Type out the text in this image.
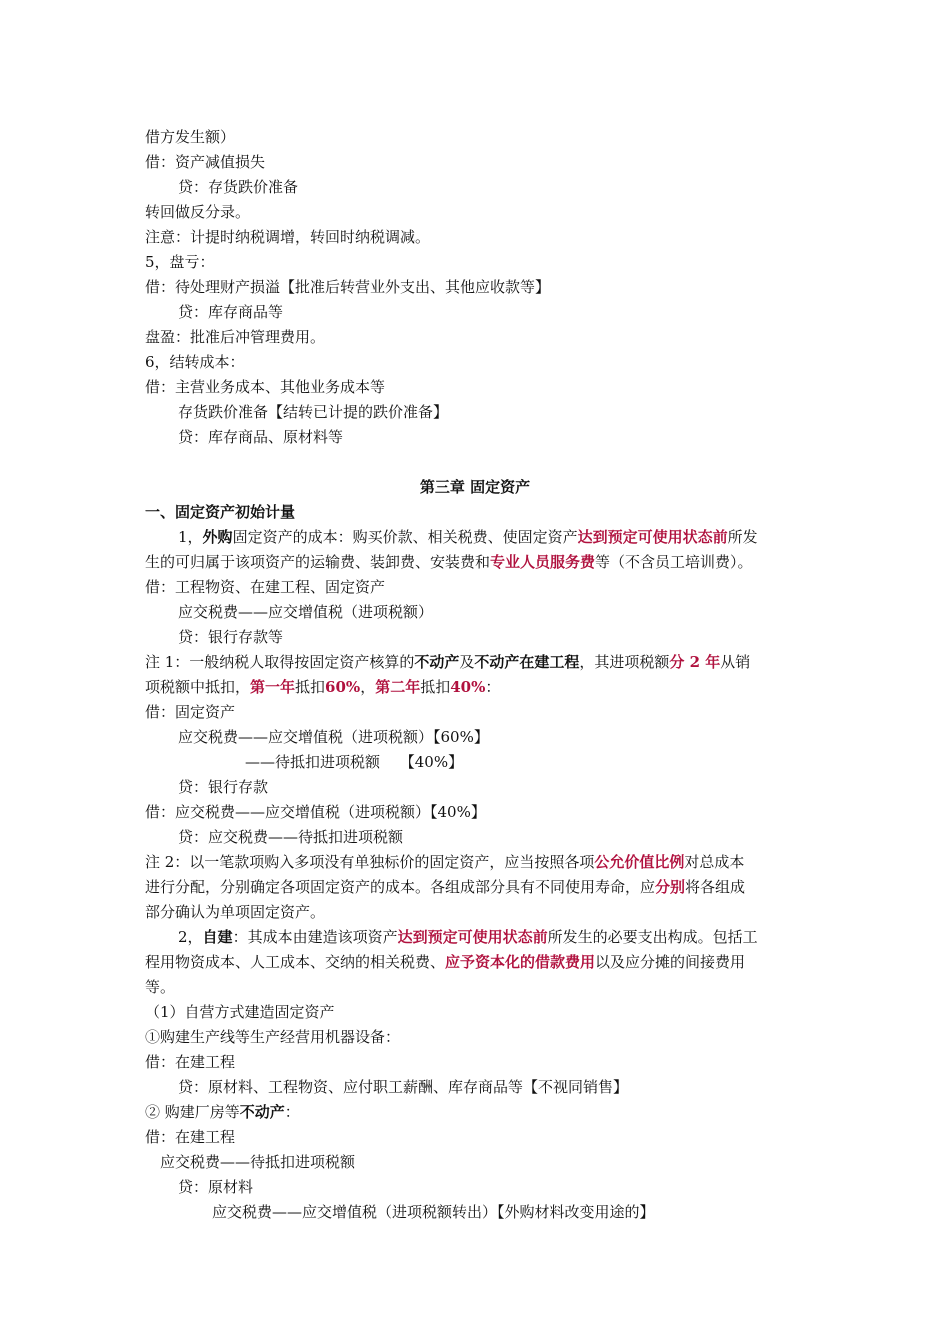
借方发生额）
借：资产减值损失
贷：存货跌价准备
转回做反分录。
注意：计提时纳税调增，转回时纳税调减。
5，盘亏：
借：待处理财产损溢【批准后转营业外支出、其他应收款等】
贷：库存商品等
盘盈：批准后冲管理费用。
6，结转成本：
借：主营业务成本、其他业务成本等
存货跌价准备【结转已计提的跌价准备】
贷：库存商品、原材料等
第三章 固定资产
一、固定资产初始计量
1，外购固定资产的成本：购买价款、相关税费、使固定资产达到预定可使用状态前所发
生的可归属于该项资产的运输费、装卸费、安装费和专业人员服务费等（不含员工培训费）。
借：工程物资、在建工程、固定资产
应交税费——应交增值税（进项税额）
贷：银行存款等
注 1：一般纳税人取得按固定资产核算的不动产及不动产在建工程，其进项税额分 2 年从销
项税额中抵扣，第一年抵扣60%，第二年抵扣40%：
借：固定资产
应交税费——应交增值税（进项税额）【60%】
——待抵扣进项税额　 【40%】
贷：银行存款
借：应交税费——应交增值税（进项税额）【40%】
贷：应交税费——待抵扣进项税额
注 2：以一笔款项购入多项没有单独标价的固定资产，应当按照各项公允价值比例对总成本
进行分配，分别确定各项固定资产的成本。各组成部分具有不同使用寿命，应分别将各组成
部分确认为单项固定资产。
2，自建：其成本由建造该项资产达到预定可使用状态前所发生的必要支出构成。包括工
程用物资成本、人工成本、交纳的相关税费、应予资本化的借款费用以及应分摊的间接费用
等。
（1）自营方式建造固定资产
①购建生产线等生产经营用机器设备：
借：在建工程
贷：原材料、工程物资、应付职工薪酬、库存商品等【不视同销售】
② 购建厂房等不动产：
借：在建工程
应交税费——待抵扣进项税额
贷：原材料
应交税费——应交增值税（进项税额转出）【外购材料改变用途的】
